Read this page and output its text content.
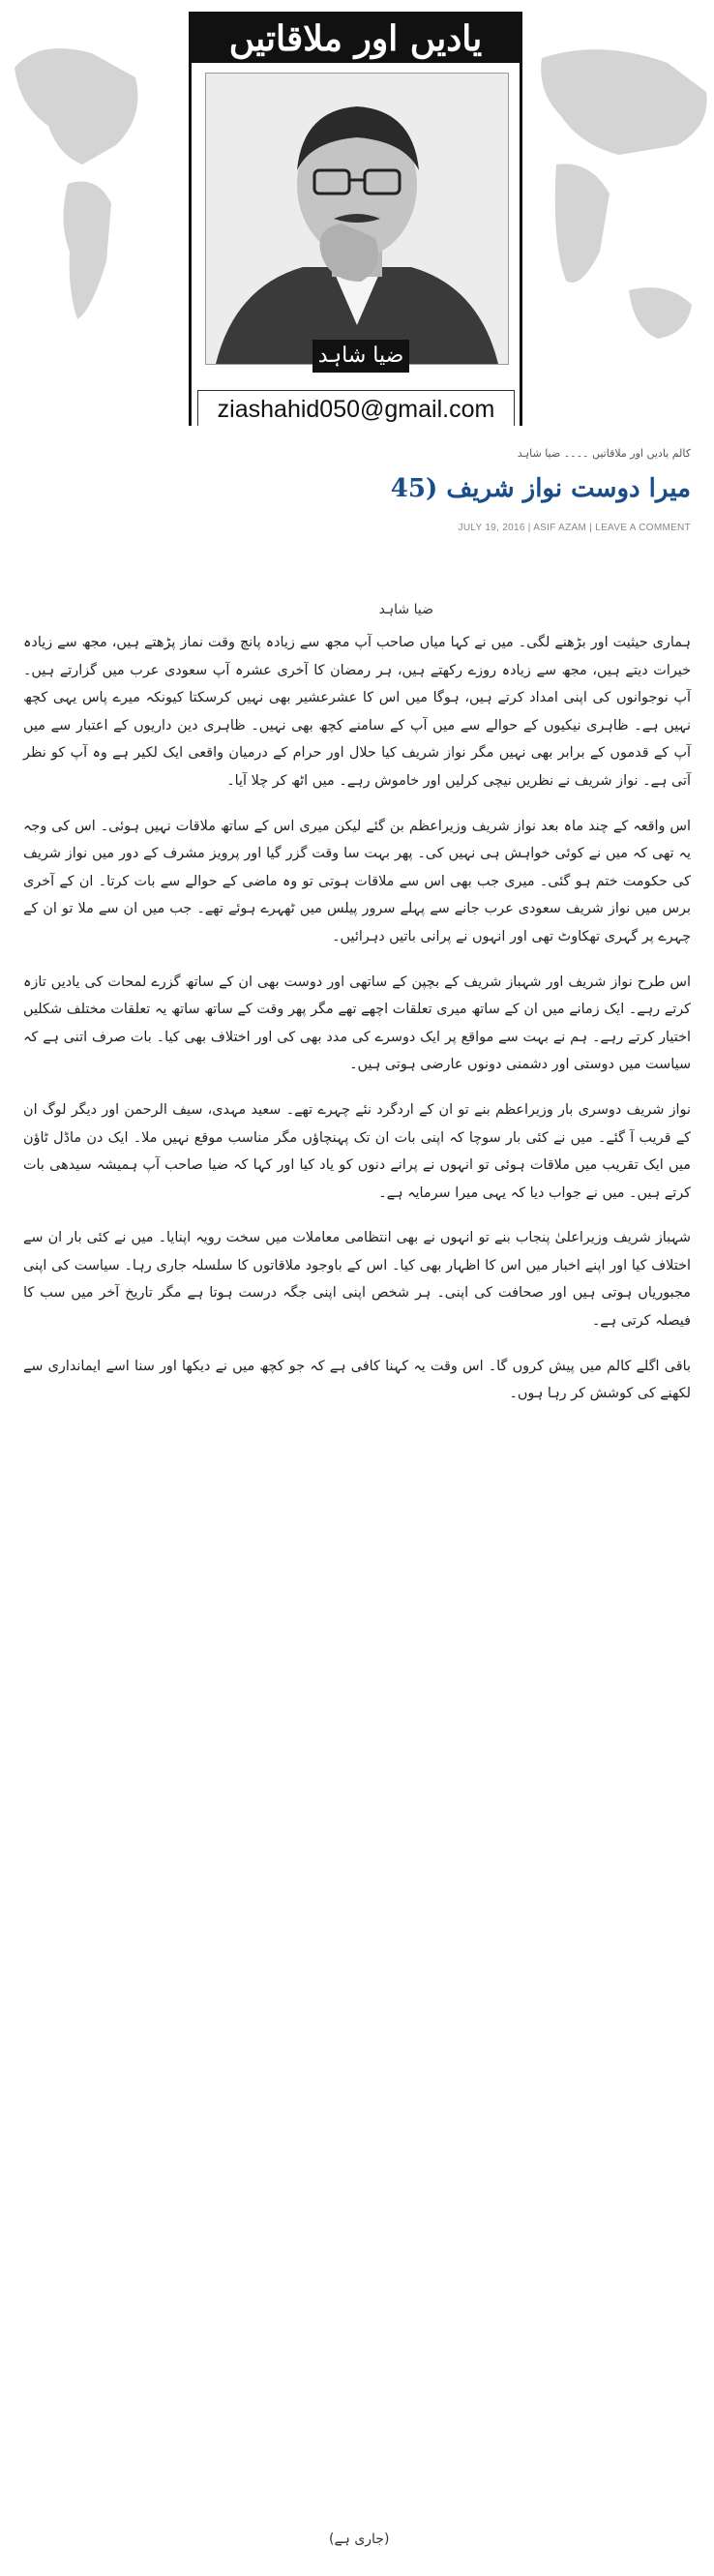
یادیں اور ملاقاتیں
ضیا شاہد
ziashahid050@gmail.com
کالم یادیں اور ملاقاتیں ۔۔۔۔ ضیا شاہد
میرا دوست نواز شریف (45
JULY 19, 2016 | ASIF AZAM | LEAVE A COMMENT
ضیا شاہد

ہماری حیثیت اور بڑھنے لگی۔ میں نے کہا میاں صاحب آپ مجھ سے زیادہ پانچ وقت نماز پڑھتے ہیں، مجھ سے زیادہ خیرات دیتے ہیں، مجھ سے زیادہ روزے رکھتے ہیں، ہر رمضان کا آخری عشرہ آپ سعودی عرب میں گزارتے ہیں۔ آپ نوجوانوں کی اپنی امداد کرتے ہیں، ہوگا میں اس کا عشرعشیر بھی نہیں کرسکتا کیونکہ میرے پاس یہی کچھ نہیں ہے۔ ظاہری نیکیوں کے حوالے سے میں آپ کے سامنے کچھ بھی نہیں۔ ظاہری دین داریوں کے اعتبار سے میں آپ کے قدموں کے برابر بھی نہیں مگر نواز شریف کیا حلال اور حرام کے درمیان واقعی ایک لکیر ہے وہ آپ کو نظر آتی ہے۔ نواز شریف نے نظریں نیچی کرلیں اور خاموش رہے۔ میں اٹھ کر چلا آیا۔

اس واقعہ کے چند ماہ بعد نواز شریف وزیراعظم بن گئے لیکن میری اس کے ساتھ ملاقات نہیں ہوئی۔ اس کی وجہ یہ تھی کہ میں نے کوئی خواہش ہی نہیں کی۔ پھر بہت سا وقت گزر گیا اور پرویز مشرف کے دور میں نواز شریف کی حکومت ختم ہو گئی۔ میری جب بھی اس سے ملاقات ہوتی تو وہ ماضی کے حوالے سے بات کرتا۔ ان کے آخری برس میں نواز شریف سعودی عرب جانے سے پہلے سرور پیلس میں ٹھہرے ہوئے تھے۔ جب میں ان سے ملا تو ان کے چہرے پر گہری تھکاوٹ تھی اور انہوں نے پرانی باتیں دہرائیں۔

اس طرح نواز شریف اور شہباز شریف کے بچپن کے ساتھی اور دوست بھی ان کے ساتھ گزرے لمحات کی یادیں تازہ کرتے رہے۔ ایک زمانے میں ان کے ساتھ میری تعلقات اچھے تھے مگر پھر وقت کے ساتھ ساتھ یہ تعلقات مختلف شکلیں اختیار کرتے رہے۔ ہم نے بہت سے مواقع پر ایک دوسرے کی مدد بھی کی اور اختلاف بھی کیا۔ بات صرف اتنی ہے کہ سیاست میں دوستی اور دشمنی دونوں عارضی ہوتی ہیں۔

نواز شریف دوسری بار وزیراعظم بنے تو ان کے اردگرد نئے چہرے تھے۔ سعید مہدی، سیف الرحمن اور دیگر لوگ ان کے قریب آ گئے۔ میں نے کئی بار سوچا کہ اپنی بات ان تک پہنچاؤں مگر مناسب موقع نہیں ملا۔ ایک دن ماڈل ٹاؤن میں ایک تقریب میں ملاقات ہوئی تو انہوں نے پرانے دنوں کو یاد کیا اور کہا کہ ضیا صاحب آپ ہمیشہ سیدھی بات کرتے ہیں۔ میں نے جواب دیا کہ یہی میرا سرمایہ ہے۔

شہباز شریف وزیراعلیٰ پنجاب بنے تو انہوں نے بھی انتظامی معاملات میں سخت رویہ اپنایا۔ میں نے کئی بار ان سے اختلاف کیا اور اپنے اخبار میں اس کا اظہار بھی کیا۔ اس کے باوجود ملاقاتوں کا سلسلہ جاری رہا۔ سیاست کی اپنی مجبوریاں ہوتی ہیں اور صحافت کی اپنی۔ ہر شخص اپنی اپنی جگہ درست ہوتا ہے مگر تاریخ آخر میں سب کا فیصلہ کرتی ہے۔

باقی اگلے کالم میں پیش کروں گا۔ اس وقت یہ کہنا کافی ہے کہ جو کچھ میں نے دیکھا اور سنا اسے ایمانداری سے لکھنے کی کوشش کر رہا ہوں۔

(جاری ہے)
